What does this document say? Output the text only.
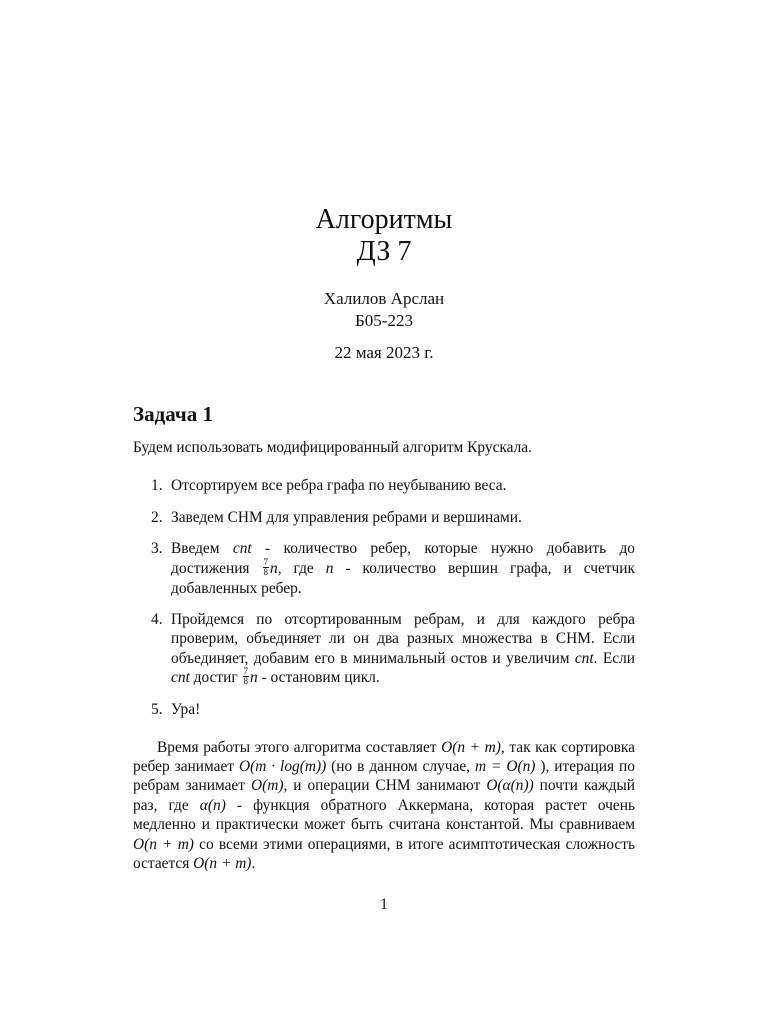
Алгоритмы
ДЗ 7
Халилов Арслан
Б05-223
22 мая 2023 г.
Задача 1

Будем использовать модифицированный алгоритм Крускала.

1. Отсортируем все ребра графа по неубыванию веса.
2. Заведем СНМ для управления ребрами и вершинами.
3. Введем cnt - количество ребер, которые нужно добавить до достижения $\frac{7}{8} n$, где n - количество вершин графа, и счетчик добавленных ребер.
4. Пройдемся по отсортированным ребрам, и для каждого ребра проверим, объединяет ли он два разных множества в СНМ. Если объединяет, добавим его в минимальный остов и увеличим cnt. Если cnt достиг $\frac{7}{8}$ n - остановим цикл.
5. Ура!

Время работы этого алгоритма составляет O(n + m), так как сортировка ребер занимает O(m · log(m)) (но в данном случае, m = O(n) ), итерация по ребрам занимает O(m), и операции СНМ занимают O(α(n)) почти каждый раз, где α(n) - функция обратного Аккермана, которая растет очень медленно и практически может быть считана константой. Мы сравниваем O(n + m) со всеми этими операциями, в итоге асимптотическая сложность остается O(n + m).

1
